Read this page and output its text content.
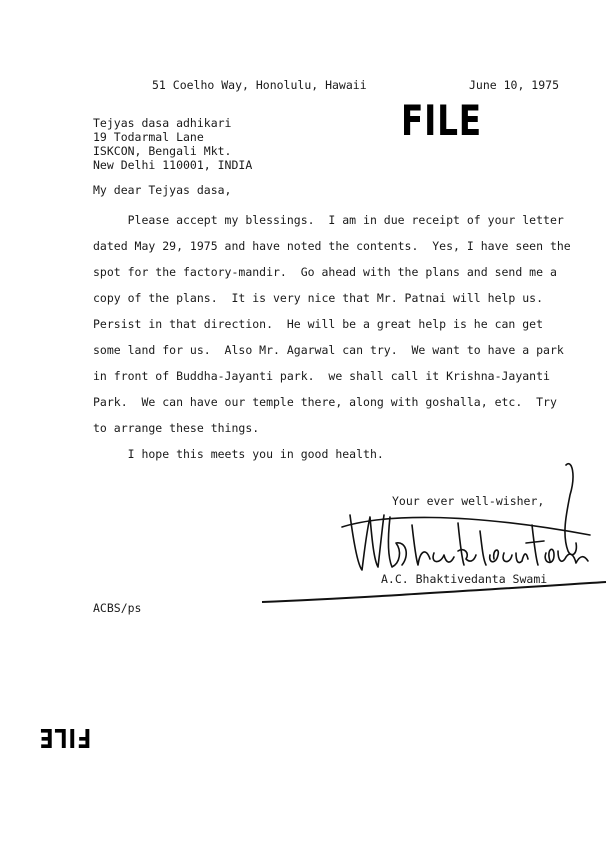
51 Coelho Way, Honolulu, Hawaii	June 10, 1975
FILE
Tejyas dasa adhikari
19 Todarmal Lane
ISKCON, Bengali Mkt.
New Delhi 110001, INDIA
My dear Tejyas dasa,
Please accept my blessings.  I am in due receipt of your letter
dated May 29, 1975 and have noted the contents.  Yes, I have seen the
spot for the factory-mandir.  Go ahead with the plans and send me a
copy of the plans.  It is very nice that Mr. Patnai will help us.
Persist in that direction.  He will be a great help is he can get
some land for us.  Also Mr. Agarwal can try.  We want to have a park
in front of Buddha-Jayanti park.  we shall call it Krishna-Jayanti
Park.  We can have our temple there, along with goshalla, etc.  Try
to arrange these things.
I hope this meets you in good health.
Your ever well-wisher,
A.C. Bhaktivedanta Swami
ACBS/ps
FILE
